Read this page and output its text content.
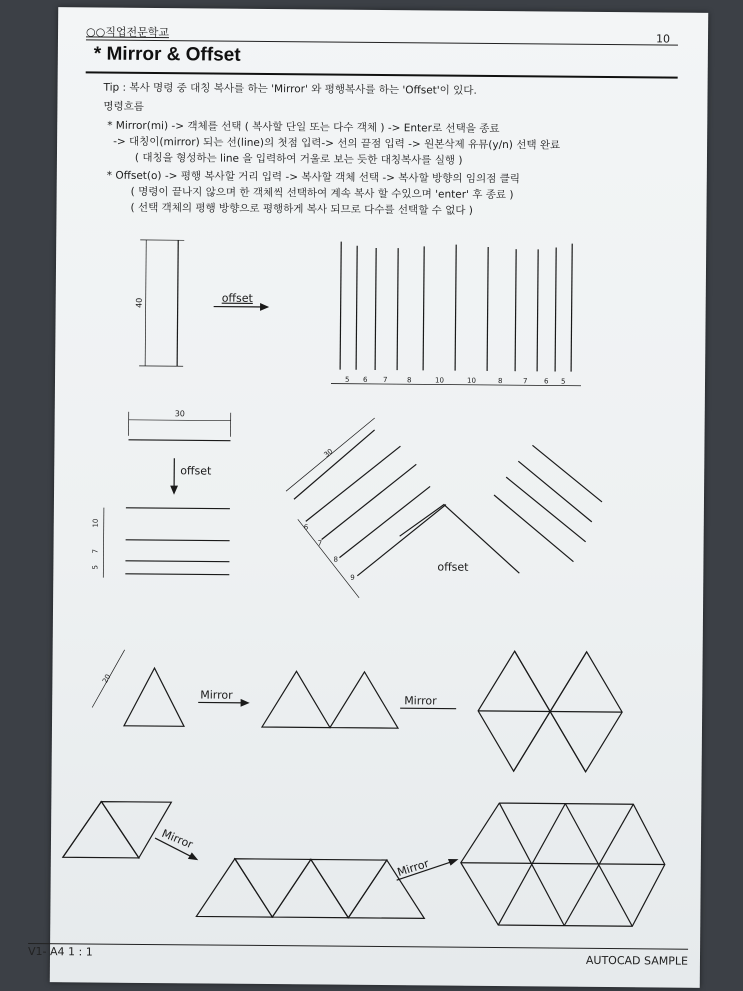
○○직업전문학교	10
* Mirror & Offset
Tip : 복사 명령 중 대칭 복사를 하는 'Mirror' 와 평행복사를 하는 'Offset'이 있다.
명령흐름
* Mirror(mi) -> 객체를 선택 ( 복사할 단일 또는 다수 객체 ) -> Enter로 선택을 종료
-> 대칭이(mirror) 되는 선(line)의 첫점 입력-> 선의 끝점 입력 -> 원본삭제 유뮤(y/n) 선택 완료
( 대칭을 형성하는 line 을 입력하여 거울로 보는 듯한 대칭복사를 실행 )
* Offset(o) -> 평행 복사할 거리 입력 -> 복사할 객체 선택 -> 복사할 방향의 임의점 클릭
( 명령이 끝나지 않으며 한 객체씩 선택하여 계속 복사 할 수있으며 'enter' 후 종료 )
( 선택 객체의 평행 방향으로 평행하게 복사 되므로 다수를 선택할 수 없다 )
40	offset
5 6 7	8	10	10	8	7 6 5
30
offset
10
7
5
30
6
7
8
9
offset
20
Mirror	Mirror
Mirror
Mirror
V1- A4 1 : 1
AUTOCAD SAMPLE
